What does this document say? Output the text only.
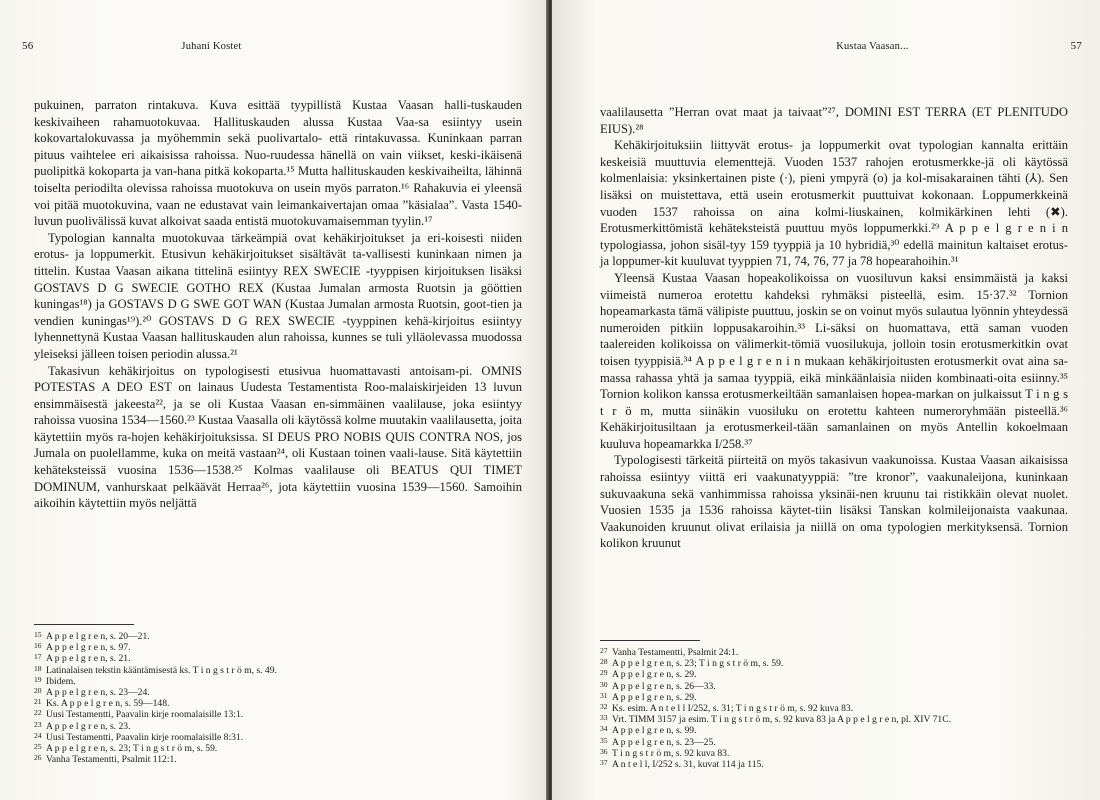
56	Juhani Kostet	Kustaa Vaasan...	57

pukuinen, parraton rintakuva. Kuva esittää tyypillistä Kustaa Vaasan halli-tuskauden keskivaiheen rahamuotokuvaa. Hallituskauden alussa Kustaa Vaa-sa esiintyy usein kokovartalokuvassa ja myöhemmin sekä puolivartalo- että rintakuvassa. Kuninkaan parran pituus vaihtelee eri aikaisissa rahoissa. Nuo-ruudessa hänellä on vain viikset, keski-ikäisenä puolipitkä kokoparta ja van-hana pitkä kokoparta.¹⁵ Mutta hallituskauden keskivaiheilta, lähinnä toiselta periodilta olevissa rahoissa muotokuva on usein myös parraton.¹⁶ Rahakuvia ei yleensä voi pitää muotokuvina, vaan ne edustavat vain leimankaivertajan omaa ”käsialaa”. Vasta 1540-luvun puolivälissä kuvat alkoivat saada entistä muotokuvamaisemman tyylin.¹⁷

Typologian kannalta muotokuvaa tärkeämpiä ovat kehäkirjoitukset ja eri-koisesti niiden erotus- ja loppumerkit. Etusivun kehäkirjoitukset sisältävät ta-vallisesti kuninkaan nimen ja tittelin. Kustaa Vaasan aikana tittelinä esiintyy REX SWECIE -tyyppisen kirjoituksen lisäksi GOSTAVS D G SWECIE GOTHO REX (Kustaa Jumalan armosta Ruotsin ja gööttien kuningas¹⁸) ja GOSTAVS D G SWE GOT WAN (Kustaa Jumalan armosta Ruotsin, goot-tien ja vendien kuningas¹⁹).²⁰ GOSTAVS D G REX SWECIE -tyyppinen kehä-kirjoitus esiintyy lyhennettynä Kustaa Vaasan hallituskauden alun rahoissa, kunnes se tuli ylläolevassa muodossa yleiseksi jälleen toisen periodin alussa.²¹

Takasivun kehäkirjoitus on typologisesti etusivua huomattavasti antoisam-pi. OMNIS POTESTAS A DEO EST on lainaus Uudesta Testamentista Roo-malaiskirjeiden 13 luvun ensimmäisestä jakeesta²², ja se oli Kustaa Vaasan en-simmäinen vaalilause, joka esiintyy rahoissa vuosina 1534—1560.²³ Kustaa Vaasalla oli käytössä kolme muutakin vaalilausetta, joita käytettiin myös ra-hojen kehäkirjoituksissa. SI DEUS PRO NOBIS QUIS CONTRA NOS, jos Jumala on puolellamme, kuka on meitä vastaan²⁴, oli Kustaan toinen vaali-lause. Sitä käytettiin kehäteksteissä vuosina 1536—1538.²⁵ Kolmas vaalilause oli BEATUS QUI TIMET DOMINUM, vanhurskaat pelkäävät Herraa²⁶, jota käytettiin vuosina 1539—1560. Samoihin aikoihin käytettiin myös neljättä

15 A p p e l g r e n, s. 20—21.
16 A p p e l g r e n, s. 97.
17 A p p e l g r e n, s. 21.
18 Latinalaisen tekstin kääntämisestä ks. T i n g s t r ö m, s. 49.
19 Ibidem.
20 A p p e l g r e n, s. 23—24.
21 Ks. A p p e l g r e n, s. 59—148.
22 Uusi Testamentti, Paavalin kirje roomalaisille 13:1.
23 A p p e l g r e n, s. 23.
24 Uusi Testamentti, Paavalin kirje roomalaisille 8:31.
25 A p p e l g r e n, s. 23; T i n g s t r ö m, s. 59.
26 Vanha Testamentti, Psalmit 112:1.

vaalilausetta ”Herran ovat maat ja taivaat”²⁷, DOMINI EST TERRA (ET PLENITUDO EIUS).²⁸

Kehäkirjoituksiin liittyvät erotus- ja loppumerkit ovat typologian kannalta erittäin keskeisiä muuttuvia elementtejä. Vuoden 1537 rahojen erotusmerkke-jä oli käytössä kolmenlaisia: yksinkertainen piste (·), pieni ympyrä (o) ja kol-misakarainen tähti (⅄). Sen lisäksi on muistettava, että usein erotusmerkit puuttuivat kokonaan. Loppumerkkeinä vuoden 1537 rahoissa on aina kolmi-liuskainen, kolmikärkinen lehti (✖). Erotusmerkittömistä kehäteksteistä puuttuu myös loppumerkki.²⁹ A p p e l g r e n i n typologiassa, johon sisäl-tyy 159 tyyppiä ja 10 hybridiä,³⁰ edellä mainitun kaltaiset erotus- ja loppumer-kit kuuluvat tyyppien 71, 74, 76, 77 ja 78 hopearahoihin.³¹

Yleensä Kustaa Vaasan hopeakolikoissa on vuosiluvun kaksi ensimmäistä ja kaksi viimeistä numeroa erotettu kahdeksi ryhmäksi pisteellä, esim. 15·37.³² Tornion hopeamarkasta tämä välipiste puuttuu, joskin se on voinut myös sulautua lyönnin yhteydessä numeroiden pitkiin loppusakaroihin.³³ Li-säksi on huomattava, että saman vuoden taalereiden kolikoissa on välimerkit-tömiä vuosilukuja, jolloin tosin erotusmerkitkin ovat toisen tyyppisiä.³⁴ A p p e l g r e n i n mukaan kehäkirjoitusten erotusmerkit ovat aina sa-massa rahassa yhtä ja samaa tyyppiä, eikä minkäänlaisia niiden kombinaati-oita esiinny.³⁵ Tornion kolikon kanssa erotusmerkeiltään samanlaisen hopea-markan on julkaissut T i n g s t r ö m, mutta siinäkin vuosiluku on erotettu kahteen numeroryhmään pisteellä.³⁶ Kehäkirjoitusiltaan ja erotusmerkeil-tään samanlainen on myös Antellin kokoelmaan kuuluva hopeamarkka I/258.³⁷

Typologisesti tärkeitä piirteitä on myös takasivun vaakunoissa. Kustaa Vaasan aikaisissa rahoissa esiintyy viittä eri vaakunatyyppiä: ”tre kronor”, vaakunaleijona, kuninkaan sukuvaakuna sekä vanhimmissa rahoissa yksinäi-nen kruunu tai ristikkäin olevat nuolet. Vuosien 1535 ja 1536 rahoissa käytet-tiin lisäksi Tanskan kolmileijonaista vaakunaa. Vaakunoiden kruunut olivat erilaisia ja niillä on oma typologien merkityksensä. Tornion kolikon kruunut

27 Vanha Testamentti, Psalmit 24:1.
28 A p p e l g r e n, s. 23; T i n g s t r ö m, s. 59.
29 A p p e l g r e n, s. 29.
30 A p p e l g r e n, s. 26—33.
31 A p p e l g r e n, s. 29.
32 Ks. esim. A n t e l l I/252, s. 31; T i n g s t r ö m, s. 92 kuva 83.
33 Vrt. TIMM 3157 ja esim. T i n g s t r ö m, s. 92 kuva 83 ja A p p e l g r e n, pl. XIV 71C.
34 A p p e l g r e n, s. 99.
35 A p p e l g r e n, s. 23—25.
36 T i n g s t r ö m, s. 92 kuva 83.
37 A n t e l l, I/252 s. 31, kuvat 114 ja 115.
